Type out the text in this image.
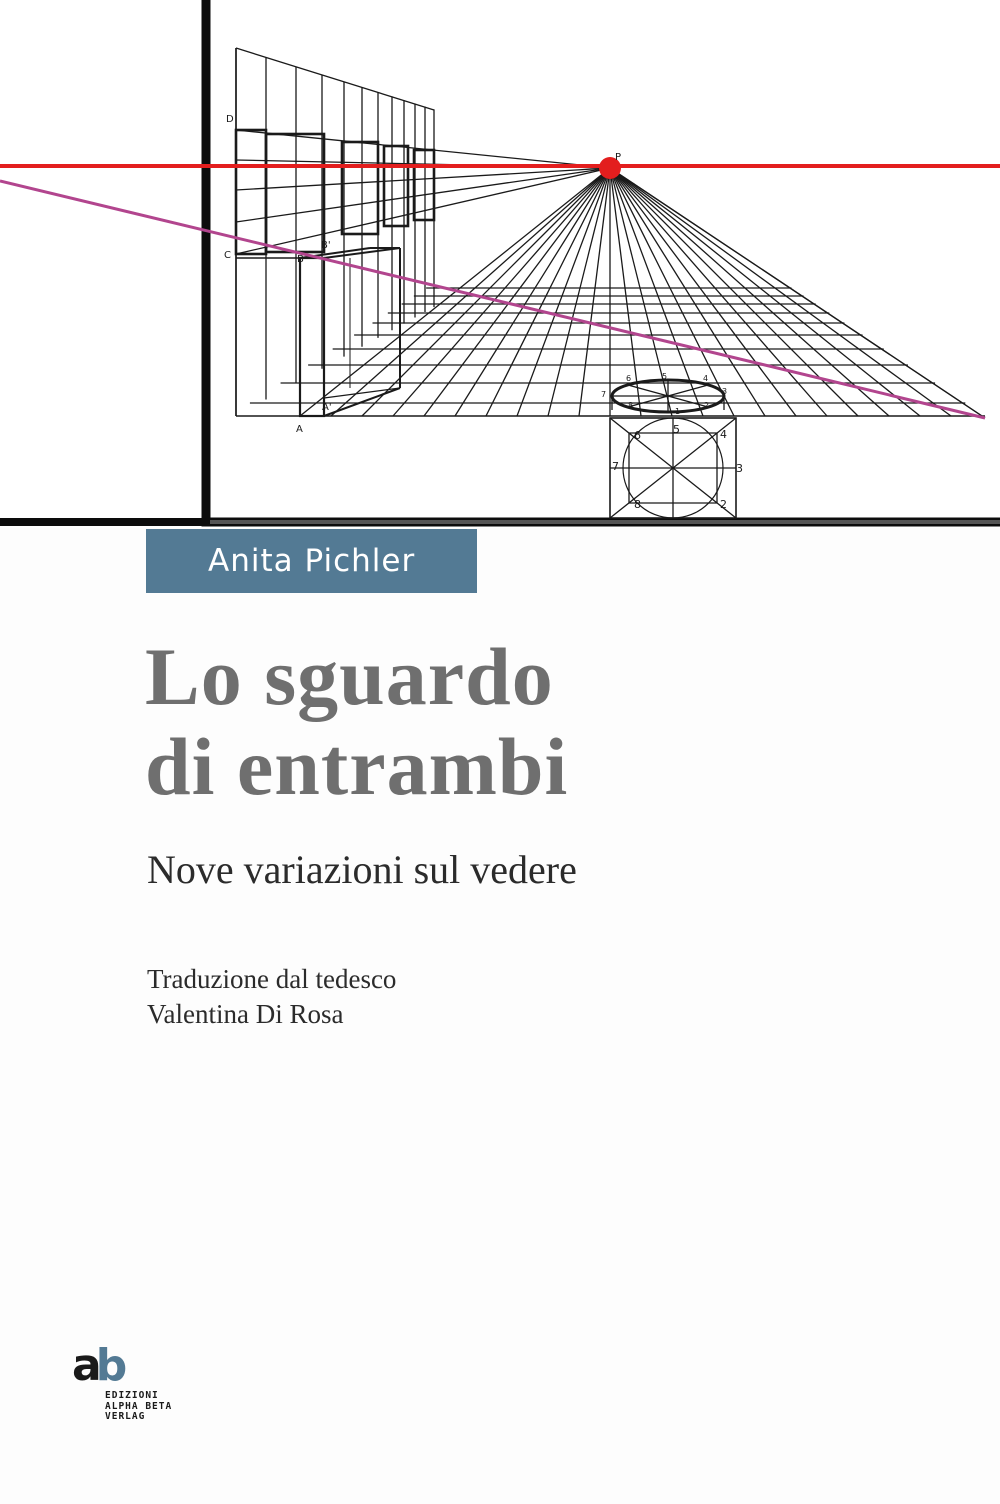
P
A
A'
B
B'
C
D
7
6	5	4
3
2
1
8
6	5	4
7	3
8	2
Anita Pichler
Lo sguardo
di entrambi
Nove variazioni sul vedere
Traduzione dal tedesco
Valentina Di Rosa
ab
EDIZIONI
ALPHA BETA
VERLAG
